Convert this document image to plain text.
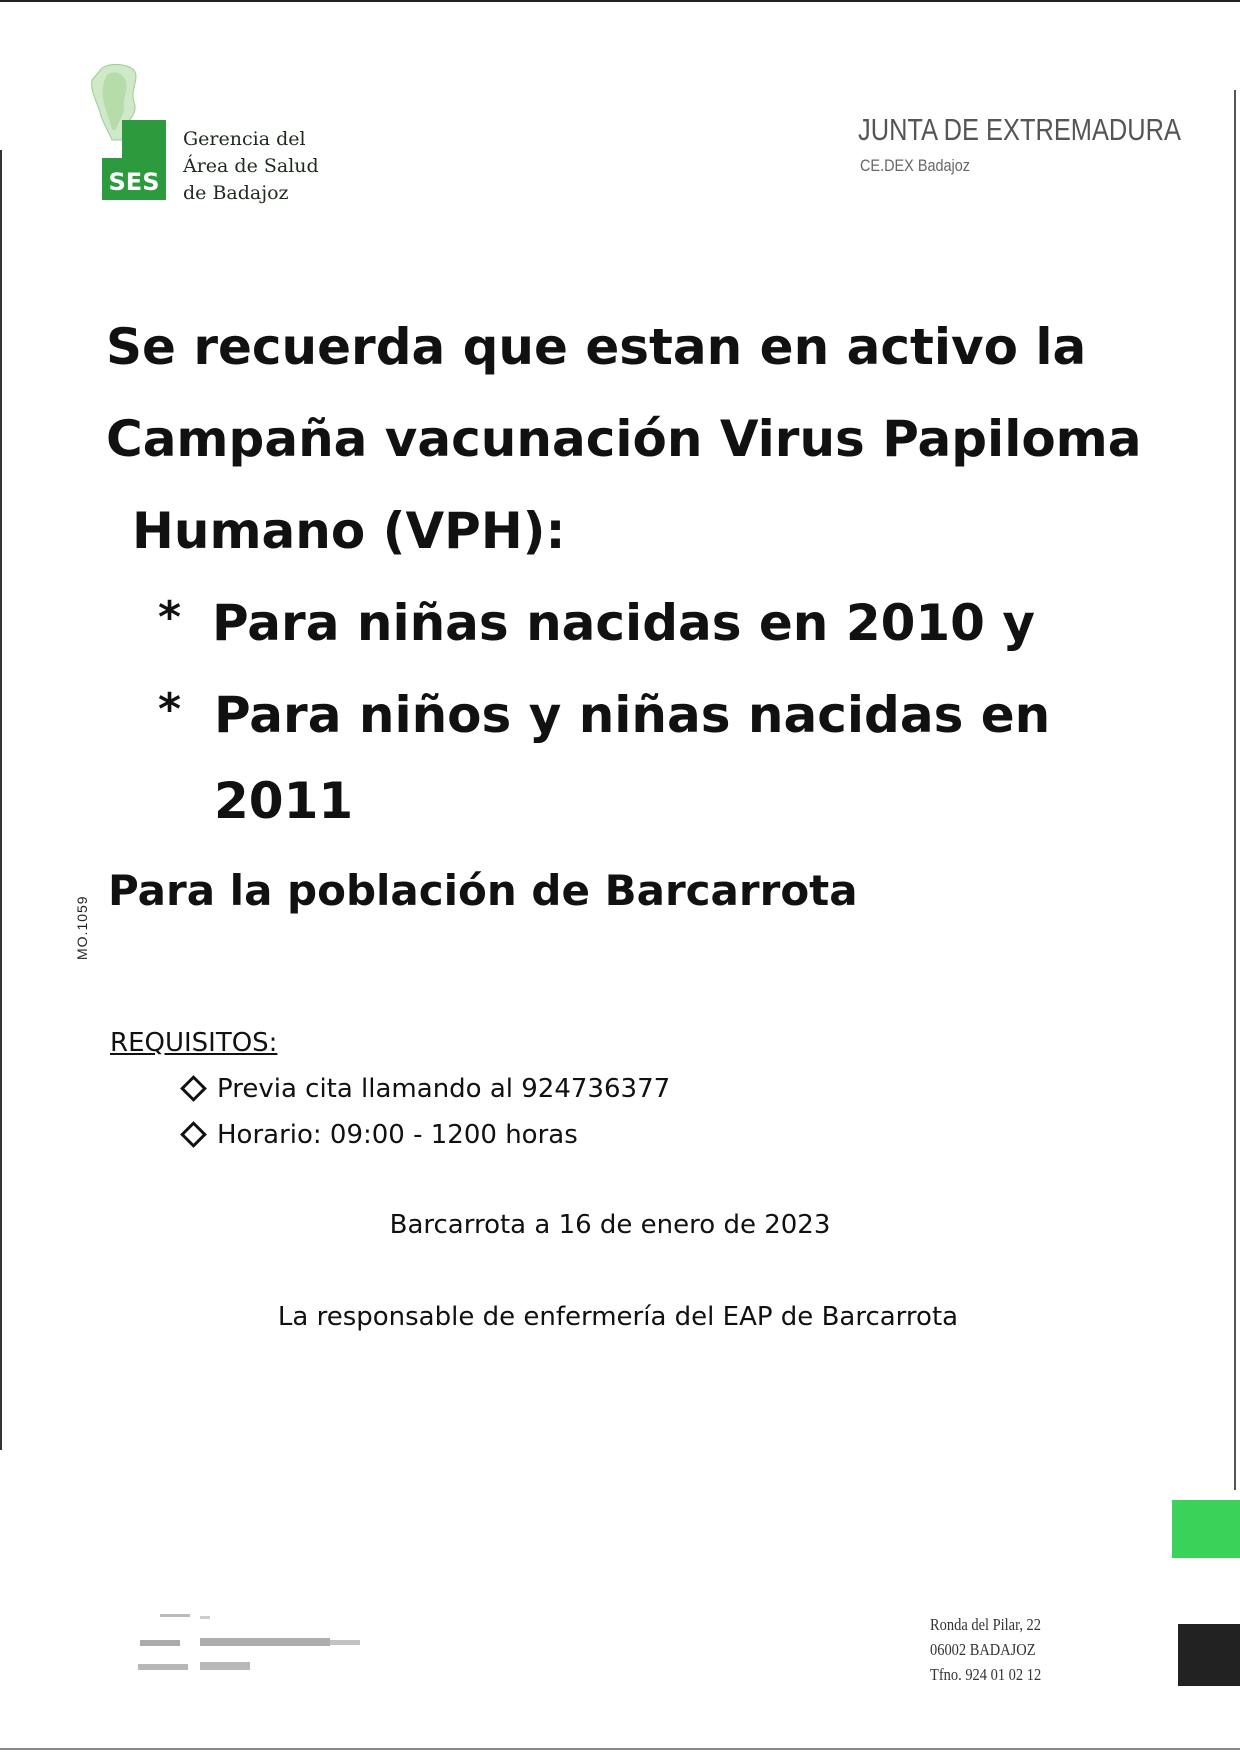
SES
Gerencia del
Área de Salud
de Badajoz
JUNTA DE EXTREMADURA
CE.DEX Badajoz
MO.1059
Se recuerda que estan en activo la
Campaña vacunación Virus Papiloma
Humano (VPH):
* Para niñas nacidas en 2010 y
* Para niños y niñas nacidas en
2011
Para la población de Barcarrota
REQUISITOS:
Previa cita llamando al 924736377
Horario: 09:00 - 1200 horas
Barcarrota a 16 de enero de 2023
La responsable de enfermería del EAP de Barcarrota
Ronda del Pilar, 22
06002 BADAJOZ
Tfno. 924 01 02 12
